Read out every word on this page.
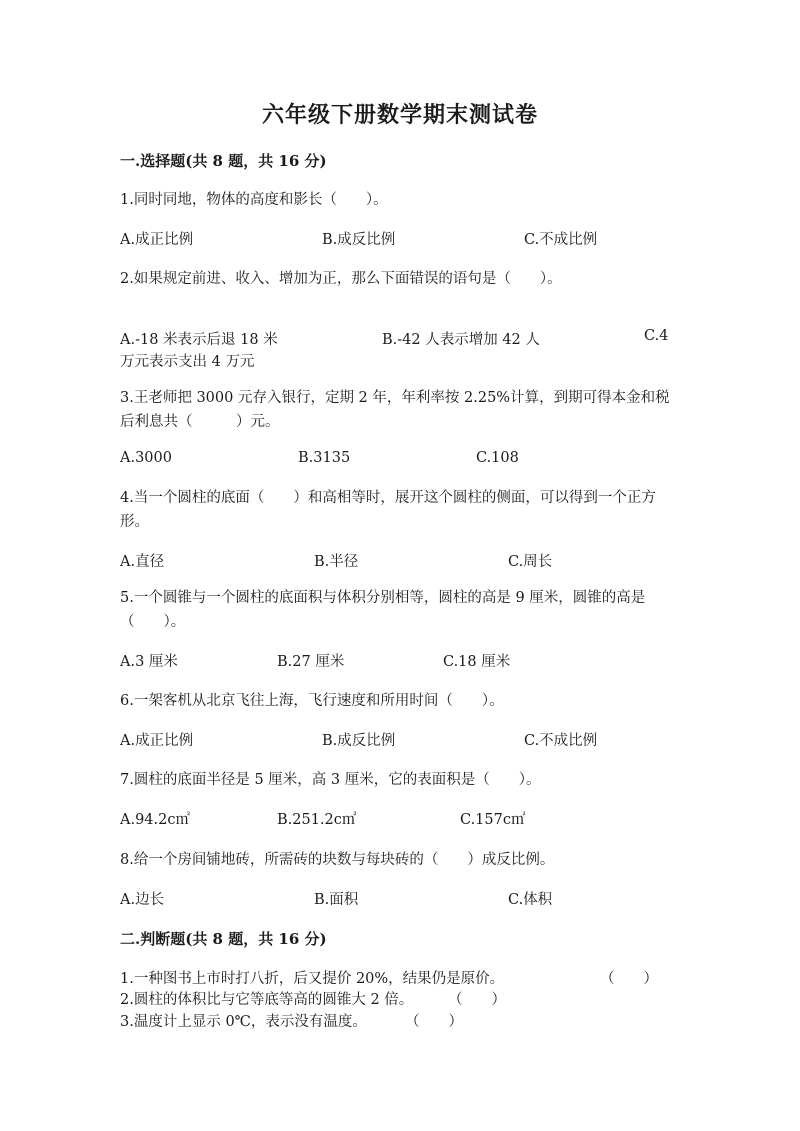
六年级下册数学期末测试卷
一.选择题(共 8 题，共 16 分)
1.同时同地，物体的高度和影长（　　）。
A.成正比例	B.成反比例	C.不成比例
2.如果规定前进、收入、增加为正，那么下面错误的语句是（　　）。
A.-18 米表示后退 18 米	B.-42 人表示增加 42 人	C.4
万元表示支出 4 万元
3.王老师把 3000 元存入银行，定期 2 年，年利率按 2.25%计算，到期可得本金和税后利息共（　　　）元。
A.3000	B.3135	C.108
4.当一个圆柱的底面（　　）和高相等时，展开这个圆柱的侧面，可以得到一个正方形。
A.直径	B.半径	C.周长
5.一个圆锥与一个圆柱的底面积与体积分别相等，圆柱的高是 9 厘米，圆锥的高是（　　）。
A.3 厘米	B.27 厘米	C.18 厘米
6.一架客机从北京飞往上海，飞行速度和所用时间（　　）。
A.成正比例	B.成反比例	C.不成比例
7.圆柱的底面半径是 5 厘米，高 3 厘米，它的表面积是（　　）。
A.94.2c㎡	B.251.2c㎡	C.157c㎡
8.给一个房间铺地砖，所需砖的块数与每块砖的（　　）成反比例。
A.边长	B.面积	C.体积
二.判断题(共 8 题，共 16 分)
1.一种图书上市时打八折，后又提价 20%，结果仍是原价。	（　　）
2.圆柱的体积比与它等底等高的圆锥大 2 倍。 （　　）
3.温度计上显示 0℃，表示没有温度。	（　　）
